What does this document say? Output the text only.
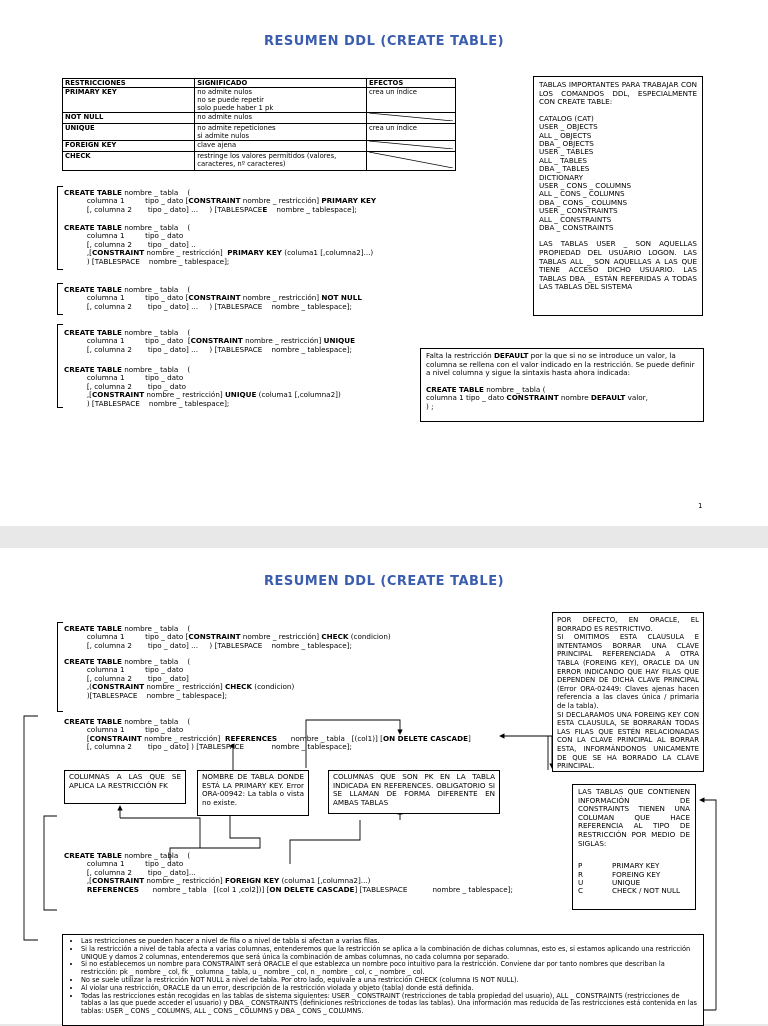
RESUMEN DDL (CREATE TABLE)
RESTRICCIONES	SIGNIFICADO	EFECTOS
PRIMARY KEY	no admite nulos
no se puede repetir
solo puede haber 1 pk	crea un índice
NOT NULL	no admite nulos	
UNIQUE	no admite repeticiones
si admite nulos	crea un índice
FOREIGN KEY	clave ajena	
CHECK	restringe los valores permitidos (valores,
caracteres, nº caracteres)	
CREATE TABLE nombre _ tabla    (
columna 1         tipo _ dato [CONSTRAINT nombre _ restricción] PRIMARY KEY
[, columna 2       tipo _ dato] ...     ) [TABLESPACEE    nombre _ tablespace];
CREATE TABLE nombre _ tabla    (
columna 1         tipo _ dato
[, columna 2       tipo _ dato] ..
,[CONSTRAINT nombre _ restricción]  PRIMARY KEY (columa1 [,columna2]...)
) [TABLESPACE    nombre _ tablespace];
CREATE TABLE nombre _ tabla    (
columna 1         tipo _ dato [CONSTRAINT nombre _ restricción] NOT NULL
[, columna 2       tipo _ dato] ...     ) [TABLESPACE    nombre _ tablespace];
CREATE TABLE nombre _ tabla    (
columna 1         tipo _ dato  [CONSTRAINT nombre _ restricción] UNIQUE
[, columna 2       tipo _ dato] ...     ) [TABLESPACE    nombre _ tablespace];
CREATE TABLE nombre _ tabla    (
columna 1         tipo _ dato
[, columna 2       tipo _ dato
,[CONSTRAINT nombre _ restricción] UNIQUE (columa1 [,columna2])
) [TABLESPACE    nombre _ tablespace];
TABLAS IMPORTANTES PARA TRABAJAR CON LOS COMANDOS DDL, ESPECIALMENTE CON CREATE TABLE:
CATALOG (CAT)
USER _ OBJECTS
ALL _ OBJECTS
DBA _ OBJECTS
USER _ TABLES
ALL _ TABLES
DBA _ TABLES
DICTIONARY
USER _ CONS _ COLUMNS
ALL _ CONS _ COLUMNS
DBA _ CONS _ COLUMNS
USER _ CONSTRAINTS
ALL _ CONSTRAINTS
DBA _ CONSTRAINTS
LAS TABLAS USER _ SON AQUELLAS PROPIEDAD DEL USUARIO LOGON. LAS TABLAS ALL _ SON AQUELLAS A LAS QUE TIENE ACCESO DICHO USUARIO. LAS TABLAS DBA _ ESTÁN REFERIDAS A TODAS LAS TABLAS DEL SISTEMA
Falta la restricción DEFAULT por la que si no se introduce un valor, la columna se rellena con el valor indicado en la restricción. Se puede definir a nivel columna y sigue la sintaxis hasta ahora indicada:
CREATE TABLE nombre _ tabla (
columna 1 tipo _ dato CONSTRAINT nombre DEFAULT valor,
) ;
1
RESUMEN DDL (CREATE TABLE)
CREATE TABLE nombre _ tabla    (
columna 1         tipo _ dato [CONSTRAINT nombre _ restricción] CHECK (condicion)
[, columna 2       tipo _ dato] ...     ) [TABLESPACE    nombre _ tablespace];
CREATE TABLE nombre _ tabla    (
columna 1         tipo _ dato
[, columna 2       tipo _ dato]
,(CONSTRAINT nombre _ restricción] CHECK (condicion)
)[TABLESPACE    nombre _ tablespace];
CREATE TABLE nombre _ tabla    (
columna 1         tipo _ dato
[CONSTRAINT nombre _ restricción]  REFERENCES      nombre _ tabla   [(col1)] [ON DELETE CASCADE]
[, columna 2       tipo _ dato] ) [TABLESPACE            nombre _ tablespace];
COLUMNAS A LAS QUE SE APLICA LA RESTRICCIÓN FK
NOMBRE DE TABLA DONDE ESTÁ LA PRIMARY KEY. Error ORA-00942: La tabla o vista no existe.
COLUMNAS QUE SON PK EN LA TABLA INDICADA EN REFERENCES. OBLIGATORIO SI SE LLAMAN DE FORMA DIFERENTE EN AMBAS TABLAS
CREATE TABLE nombre _ tabla    (
columna 1         tipo _ dato
[, columna 2       tipo _ dato]...
,[CONSTRAINT nombre _ restricción] FOREIGN KEY (columa1 [,columna2]...)
REFERENCES      nombre _ tabla   [(col 1 ,col2])] [ON DELETE CASCADE] [TABLESPACE           nombre _ tablespace];
POR DEFECTO, EN ORACLE, EL BORRADO ES RESTRICTIVO.
SI OMITIMOS ESTA CLAUSULA E INTENTAMOS BORRAR UNA CLAVE PRINCIPAL REFERENCIADA A OTRA TABLA (FOREING KEY), ORACLE DA UN ERROR INDICANDO QUE HAY FILAS QUE DEPENDEN DE DICHA CLAVE PRINCIPAL (Error ORA-02449: Claves ajenas hacen referencia a las claves única / primaria de la tabla).
SI DECLARAMOS UNA FOREING KEY CON ESTA CLAUSULA, SE BORRARÁN TODAS LAS FILAS QUE ESTÉN RELACIONADAS CON LA CLAVE PRINCIPAL AL BORRAR ESTA, INFORMÁNDONOS UNICAMENTE DE QUE SE HA BORRADO LA CLAVE PRINCIPAL.
LAS TABLAS QUE CONTIENEN INFORMACIÓN DE CONSTRAINTS TIENEN UNA COLUMAN QUE HACE REFERENCIA AL TIPO DE RESTRICCIÓN POR MEDIO DE SIGLAS:
P	PRIMARY KEY
R	FOREING KEY
U	UNIQUE
C	CHECK / NOT NULL
• Las restricciones se pueden hacer a nivel de fila o a nivel de tabla si afectan a varias filas.
• Si la restricción a nivel de tabla afecta a varias columnas, entenderemos que la restricción se aplica a la combinación de dichas columnas, esto es, si estamos aplicando una restricción UNIQUE y damos 2 columnas, entenderemos que será única la combinación de ambas columnas, no cada columna por separado.
• Si no establecemos un nombre para CONSTRAINT será ORACLE el que establezca un nombre poco intuitivo para la restricción. Conviene dar por tanto nombres que describan la restricción: pk _ nombre _ col, fk _ columna _ tabla, u _ nombre _ col, n _ nombre _ col, c _ nombre _ col.
• No se suele utilizar la restricción NOT NULL a nivel de tabla. Por otro lado, equivale a una restricción CHECK (columna IS NOT NULL).
• Al violar una restricción, ORACLE da un error, descripción de la restricción violada y objeto (tabla) donde está definida.
• Todas las restricciones están recogidas en las tablas de sistema siguientes: USER _ CONSTRAINT (restricciones de tabla propiedad del usuario), ALL _ CONSTRAINTS (restricciones de tablas a las que puede acceder el usuario) y DBA _ CONSTRAINTS (definiciones restricciones de todas las tablas). Una información mas reducida de las restricciones está contenida en las tablas: USER _ CONS _ COLUMNS, ALL _ CONS _ COLUMNS y DBA _ CONS _ COLUMNS.
